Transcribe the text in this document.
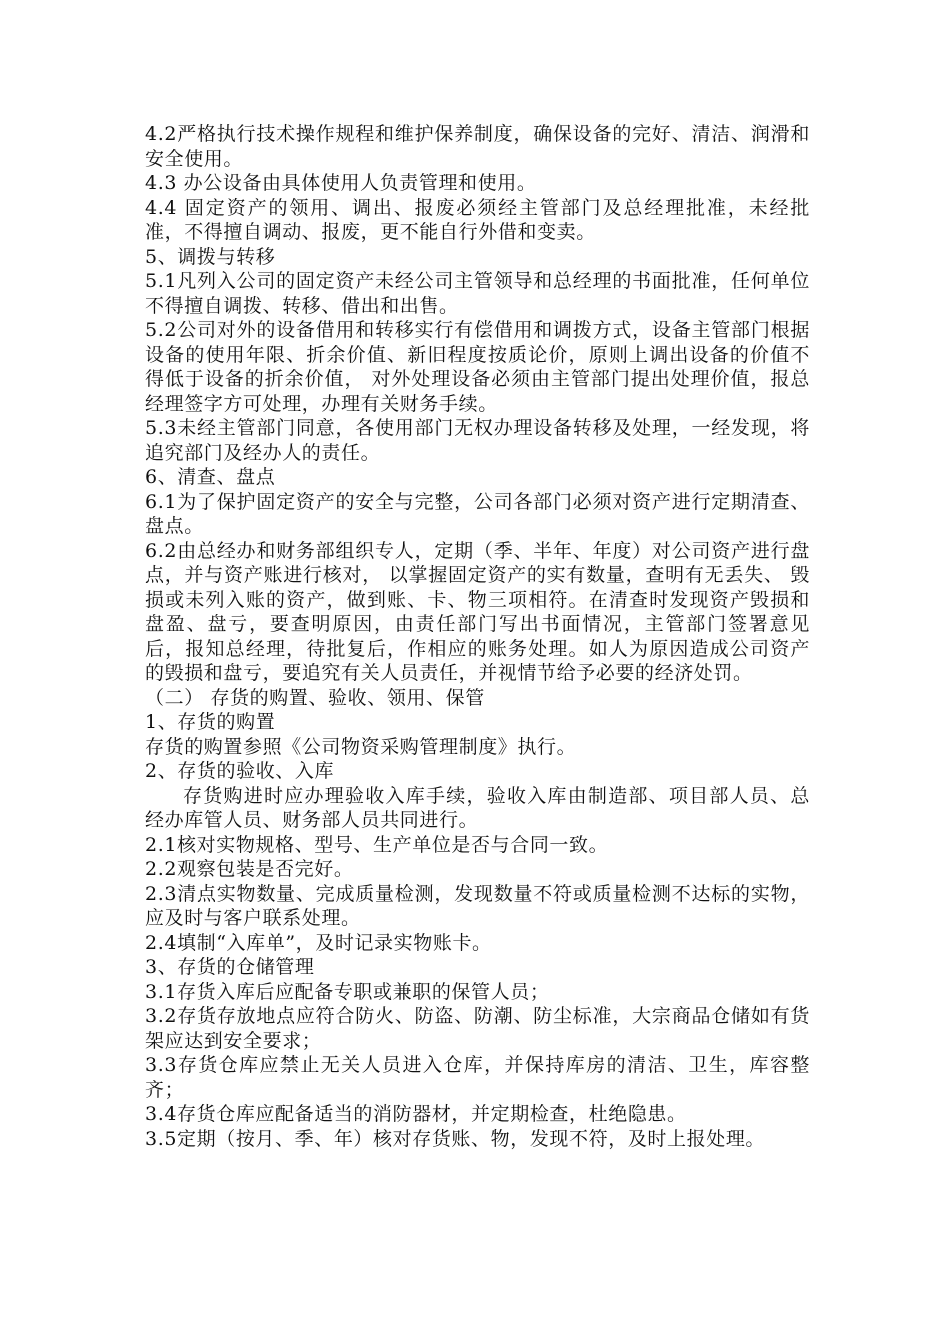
4.2严格执行技术操作规程和维护保养制度，确保设备的完好、清洁、润滑和安全使用。

4.3 办公设备由具体使用人负责管理和使用。

4.4 固定资产的领用、调出、报废必须经主管部门及总经理批准，未经批准，不得擅自调动、报废，更不能自行外借和变卖。

5、调拨与转移

5.1凡列入公司的固定资产未经公司主管领导和总经理的书面批准，任何单位不得擅自调拨、转移、借出和出售。

5.2公司对外的设备借用和转移实行有偿借用和调拨方式，设备主管部门根据设备的使用年限、折余价值、新旧程度按质论价，原则上调出设备的价值不得低于设备的折余价值， 对外处理设备必须由主管部门提出处理价值，报总经理签字方可处理，办理有关财务手续。

5.3未经主管部门同意，各使用部门无权办理设备转移及处理，一经发现，将追究部门及经办人的责任。

6、清查、盘点

6.1为了保护固定资产的安全与完整，公司各部门必须对资产进行定期清查、盘点。

6.2由总经办和财务部组织专人，定期（季、半年、年度）对公司资产进行盘点，并与资产账进行核对， 以掌握固定资产的实有数量，查明有无丢失、 毁损或未列入账的资产，做到账、卡、物三项相符。在清查时发现资产毁损和盘盈、盘亏，要查明原因，由责任部门写出书面情况，主管部门签署意见后，报知总经理，待批复后，作相应的账务处理。如人为原因造成公司资产的毁损和盘亏，要追究有关人员责任，并视情节给予必要的经济处罚。

（二） 存货的购置、验收、领用、保管

1、存货的购置

存货的购置参照《公司物资采购管理制度》执行。

2、存货的验收、入库

存货购进时应办理验收入库手续，验收入库由制造部、项目部人员、总经办库管人员、财务部人员共同进行。

2.1核对实物规格、型号、生产单位是否与合同一致。

2.2观察包装是否完好。

2.3清点实物数量、完成质量检测，发现数量不符或质量检测不达标的实物，应及时与客户联系处理。

2.4填制“入库单”，及时记录实物账卡。

3、存货的仓储管理

3.1存货入库后应配备专职或兼职的保管人员；

3.2存货存放地点应符合防火、防盗、防潮、防尘标准，大宗商品仓储如有货架应达到安全要求；

3.3存货仓库应禁止无关人员进入仓库，并保持库房的清洁、卫生，库容整齐；

3.4存货仓库应配备适当的消防器材，并定期检查，杜绝隐患。

3.5定期（按月、季、年）核对存货账、物，发现不符，及时上报处理。
